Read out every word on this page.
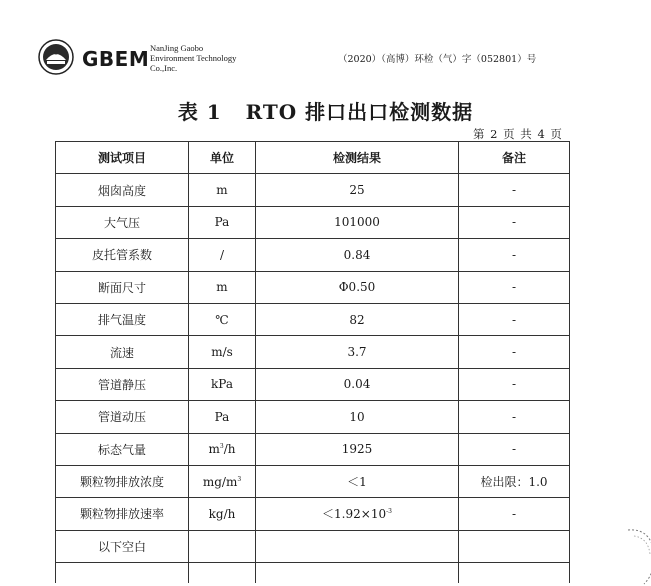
GBEM NanJing Gaobo
Environment Technology
Co.,Inc.
（2020）（高博）环检（气）字（052801）号
表 1   RTO 排口出口检测数据
第 2 页 共 4 页
测试项目	单位	检测结果	备注
烟囱高度	m	25	-
大气压	Pa	101000	-
皮托管系数	/	0.84	-
断面尺寸	m	Φ0.50	-
排气温度	℃	82	-
流速	m/s	3.7	-
管道静压	kPa	0.04	-
管道动压	Pa	10	-
标态气量	$m^3/h$	1925	-
颗粒物排放浓度	$mg/m^3$	＜1	检出限：1.0
颗粒物排放速率	kg/h	$<1.92\times 10^{-3}$	-
以下空白			
